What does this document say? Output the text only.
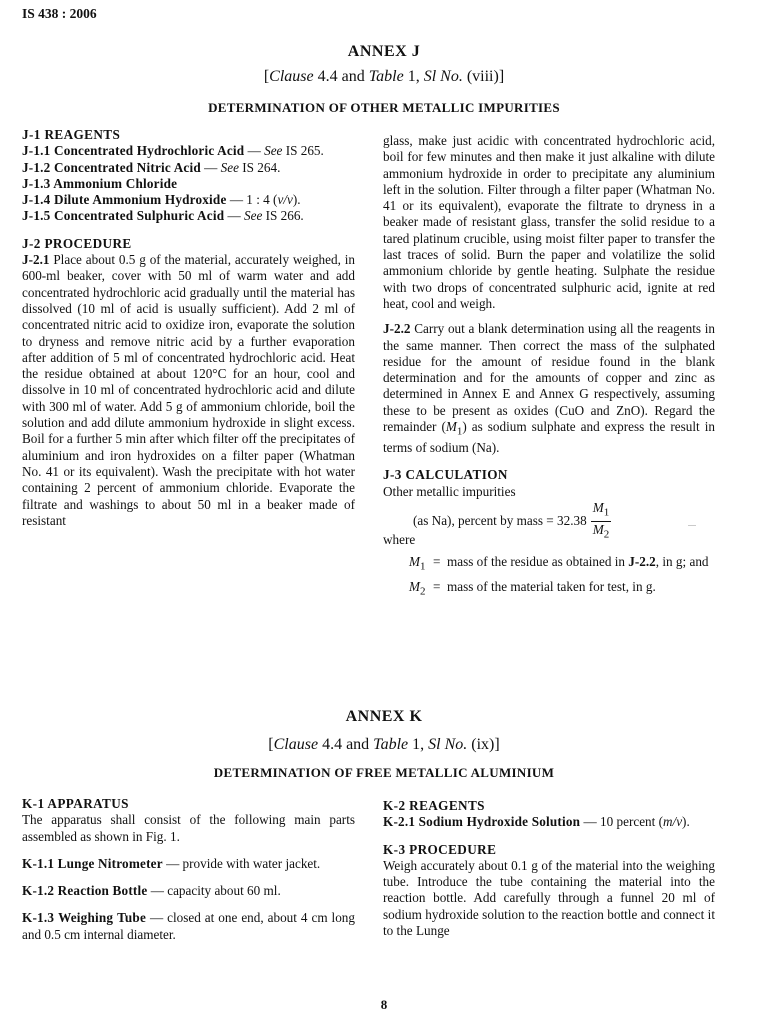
IS 438 : 2006
ANNEX J
[Clause 4.4 and Table 1, Sl No. (viii)]
DETERMINATION OF OTHER METALLIC IMPURITIES

J-1 REAGENTS

J-1.1 Concentrated Hydrochloric Acid — See IS 265.

J-1.2 Concentrated Nitric Acid — See IS 264.

J-1.3 Ammonium Chloride

J-1.4 Dilute Ammonium Hydroxide — 1 : 4 (v/v).

J-1.5 Concentrated Sulphuric Acid — See IS 266.

J-2 PROCEDURE

J-2.1 Place about 0.5 g of the material, accurately weighed, in 600-ml beaker, cover with 50 ml of warm water and add concentrated hydrochloric acid gradually until the material has dissolved (10 ml of acid is usually sufficient). Add 2 ml of concentrated nitric acid to oxidize iron, evaporate the solution to dryness and remove nitric acid by a further evaporation after addition of 5 ml of concentrated hydrochloric acid. Heat the residue obtained at about 120°C for an hour, cool and dissolve in 10 ml of concentrated hydrochloric acid and dilute with 300 ml of water. Add 5 g of ammonium chloride, boil the solution and add dilute ammonium hydroxide in slight excess. Boil for a further 5 min after which filter off the precipitates of aluminium and iron hydroxides on a filter paper (Whatman No. 41 or its equivalent). Wash the precipitate with hot water containing 2 percent of ammonium chloride. Evaporate the filtrate and washings to about 50 ml in a beaker made of resistant

glass, make just acidic with concentrated hydrochloric acid, boil for few minutes and then make it just alkaline with dilute ammonium hydroxide in order to precipitate any aluminium left in the solution. Filter through a filter paper (Whatman No. 41 or its equivalent), evaporate the filtrate to dryness in a beaker made of resistant glass, transfer the solid residue to a tared platinum crucible, using moist filter paper to transfer the last traces of solid. Burn the paper and volatilize the solid ammonium chloride by gentle heating. Sulphate the residue with two drops of concentrated sulphuric acid, ignite at red heat, cool and weigh.

J-2.2 Carry out a blank determination using all the reagents in the same manner. Then correct the mass of the sulphated residue for the amount of residue found in the blank determination and for the amounts of copper and zinc as determined in Annex E and Annex G respectively, assuming these to be present as oxides (CuO and ZnO). Regard the remainder $(M_1)$ as sodium sulphate and express the result in terms of sodium (Na).

J-3 CALCULATION

Other metallic impurities

(as Na), percent by mass = $32.38 \frac{M_1}{M_2}$

where

$M_1$ = mass of the residue as obtained in J-2.2, in g; and
$M_2$ = mass of the material taken for test, in g.
....
ANNEX K
[Clause 4.4 and Table 1, Sl No. (ix)]
DETERMINATION OF FREE METALLIC ALUMINIUM

K-1 APPARATUS

The apparatus shall consist of the following main parts assembled as shown in Fig. 1.

K-1.1 Lunge Nitrometer — provide with water jacket.

K-1.2 Reaction Bottle — capacity about 60 ml.

K-1.3 Weighing Tube — closed at one end, about 4 cm long and 0.5 cm internal diameter.

K-2 REAGENTS

K-2.1 Sodium Hydroxide Solution — 10 percent (m/v).

K-3 PROCEDURE

Weigh accurately about 0.1 g of the material into the weighing tube. Introduce the tube containing the material into the reaction bottle. Add carefully through a funnel 20 ml of sodium hydroxide solution to the reaction bottle and connect it to the Lunge

8
